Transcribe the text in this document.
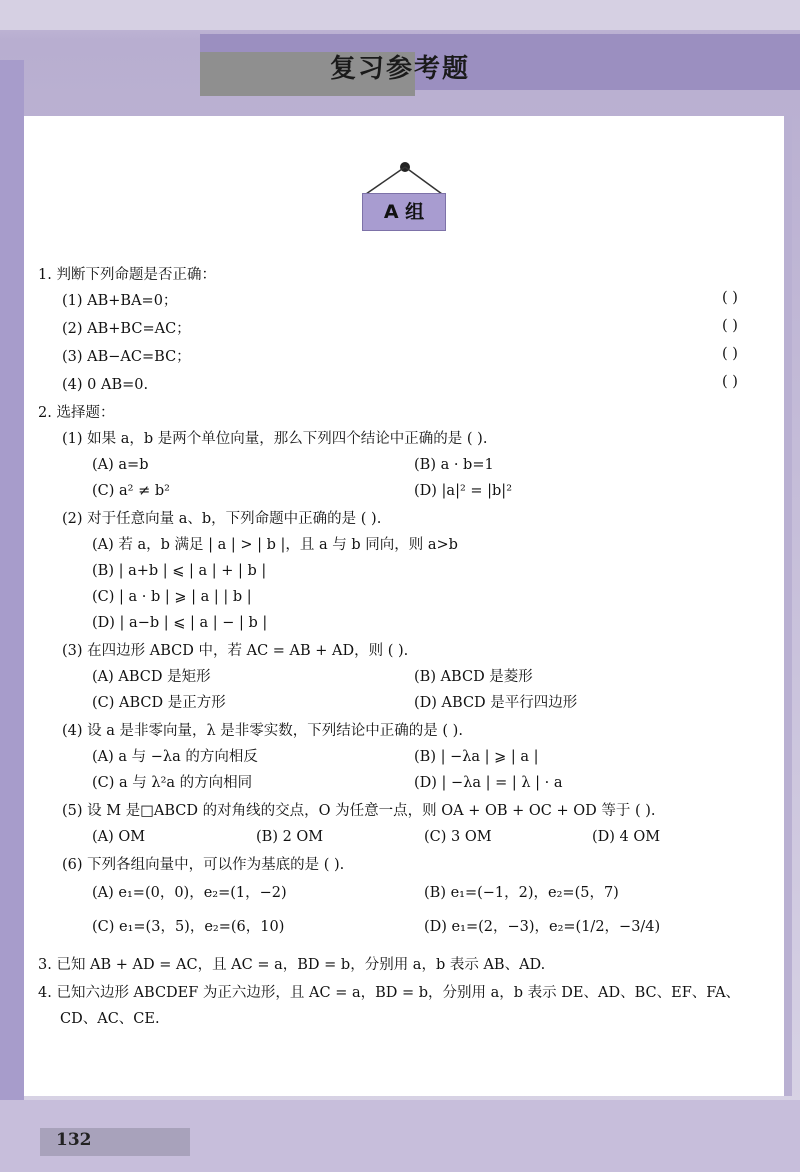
复习参考题
A 组
1. 判断下列命题是否正确：
(1) AB+BA=0；	( )
(2) AB+BC=AC；	( )
(3) AB−AC=BC；	( )
(4) 0 AB=0.	( )
2. 选择题：
(1) 如果 a，b 是两个单位向量，那么下列四个结论中正确的是 ( ).
(A) a=b	(B) a · b=1
(C) a² ≠ b²	(D) |a|² = |b|²
(2) 对于任意向量 a、b，下列命题中正确的是 ( ).
(A) 若 a，b 满足 | a | > | b |，且 a 与 b 同向，则 a>b
(B) | a+b | ⩽ | a | + | b |
(C) | a · b | ⩾ | a | | b |
(D) | a−b | ⩽ | a | − | b |
(3) 在四边形 ABCD 中，若 AC = AB + AD，则 ( ).
(A) ABCD 是矩形	(B) ABCD 是菱形
(C) ABCD 是正方形	(D) ABCD 是平行四边形
(4) 设 a 是非零向量，λ 是非零实数，下列结论中正确的是 ( ).
(A) a 与 −λa 的方向相反	(B) | −λa | ⩾ | a |
(C) a 与 λ²a 的方向相同	(D) | −λa | = | λ | · a
(5) 设 M 是□ABCD 的对角线的交点，O 为任意一点，则 OA + OB + OC + OD 等于 ( ).
(A) OM	(B) 2 OM	(C) 3 OM	(D) 4 OM
(6) 下列各组向量中，可以作为基底的是 ( ).
(A) e₁=(0，0)，e₂=(1，−2)	(B) e₁=(−1，2)，e₂=(5，7)
(C) e₁=(3，5)，e₂=(6，10)	(D) e₁=(2，−3)，e₂=(1/2，−3/4)
3. 已知 AB + AD = AC，且 AC = a，BD = b，分别用 a，b 表示 AB、AD.
4. 已知六边形 ABCDEF 为正六边形，且 AC = a，BD = b，分别用 a，b 表示 DE、AD、BC、EF、FA、
CD、AC、CE.
132
